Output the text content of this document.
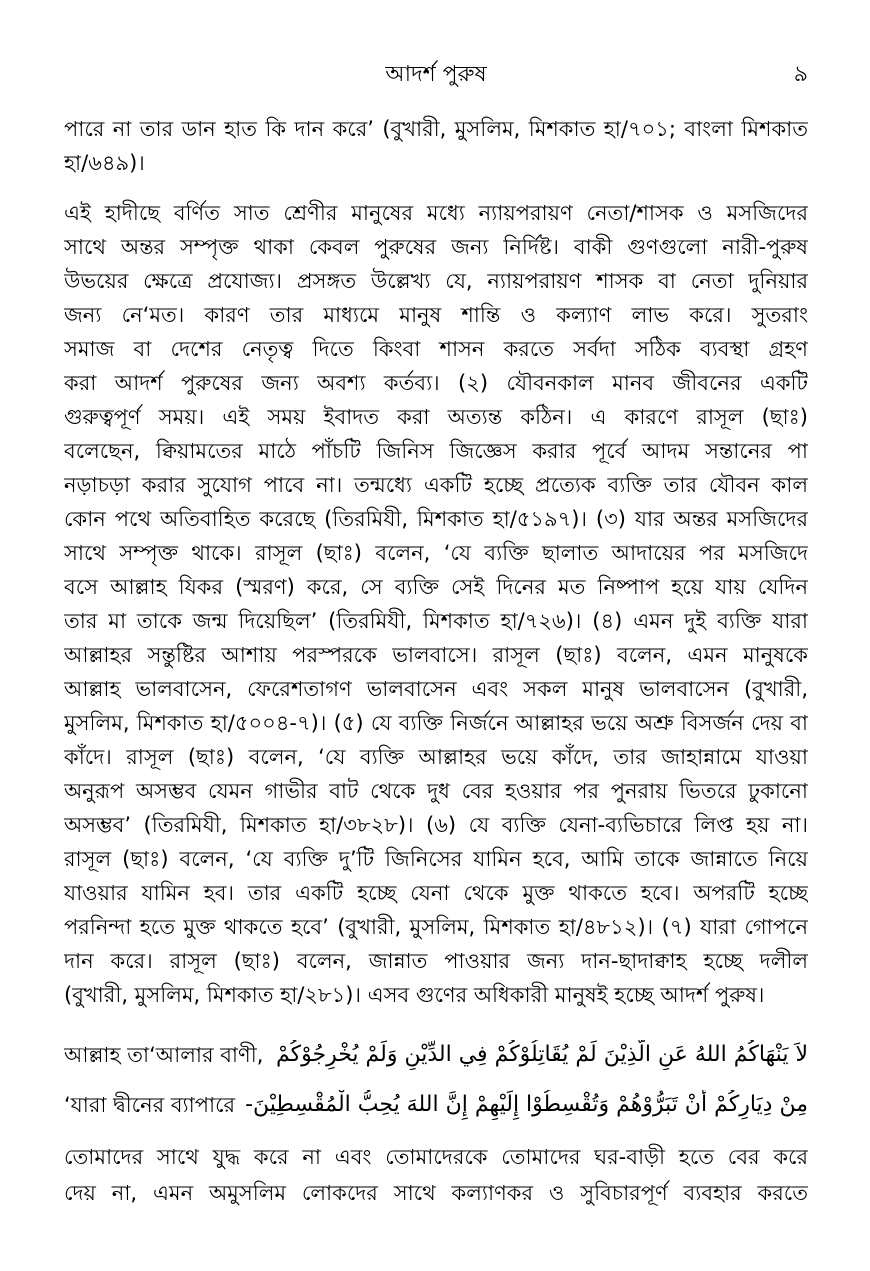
আদর্শ পুরুষ	৯
পারে না তার ডান হাত কি দান করে’ (বুখারী, মুসলিম, মিশকাত হা/৭০১; বাংলা মিশকাত
হা/৬৪৯)।
এই হাদীছে বর্ণিত সাত শ্রেণীর মানুষের মধ্যে ন্যায়পরায়ণ নেতা/শাসক ও মসজিদের
সাথে অন্তর সম্পৃক্ত থাকা কেবল পুরুষের জন্য নির্দিষ্ট। বাকী গুণগুলো নারী-পুরুষ
উভয়ের ক্ষেত্রে প্রযোজ্য। প্রসঙ্গত উল্লেখ্য যে, ন্যায়পরায়ণ শাসক বা নেতা দুনিয়ার
জন্য নে‘মত। কারণ তার মাধ্যমে মানুষ শান্তি ও কল্যাণ লাভ করে। সুতরাং
সমাজ বা দেশের নেতৃত্ব দিতে কিংবা শাসন করতে সর্বদা সঠিক ব্যবস্থা গ্রহণ
করা আদর্শ পুরুষের জন্য অবশ্য কর্তব্য। (২) যৌবনকাল মানব জীবনের একটি
গুরুত্বপূর্ণ সময়। এই সময় ইবাদত করা অত্যন্ত কঠিন। এ কারণে রাসূল (ছাঃ)
বলেছেন, ক্বিয়ামতের মাঠে পাঁচটি জিনিস জিজ্ঞেস করার পূর্বে আদম সন্তানের পা
নড়াচড়া করার সুযোগ পাবে না। তন্মধ্যে একটি হচ্ছে প্রত্যেক ব্যক্তি তার যৌবন কাল
কোন পথে অতিবাহিত করেছে (তিরমিযী, মিশকাত হা/৫১৯৭)। (৩) যার অন্তর মসজিদের
সাথে সম্পৃক্ত থাকে। রাসূল (ছাঃ) বলেন, ‘যে ব্যক্তি ছালাত আদায়ের পর মসজিদে
বসে আল্লাহ যিকর (স্মরণ) করে, সে ব্যক্তি সেই দিনের মত নিষ্পাপ হয়ে যায় যেদিন
তার মা তাকে জন্ম দিয়েছিল’ (তিরমিযী, মিশকাত হা/৭২৬)। (৪) এমন দুই ব্যক্তি যারা
আল্লাহর সন্তুষ্টির আশায় পরস্পরকে ভালবাসে। রাসূল (ছাঃ) বলেন, এমন মানুষকে
আল্লাহ ভালবাসেন, ফেরেশতাগণ ভালবাসেন এবং সকল মানুষ ভালবাসেন (বুখারী,
মুসলিম, মিশকাত হা/৫০০৪-৭)। (৫) যে ব্যক্তি নির্জনে আল্লাহর ভয়ে অশ্রু বিসর্জন দেয় বা
কাঁদে। রাসূল (ছাঃ) বলেন, ‘যে ব্যক্তি আল্লাহর ভয়ে কাঁদে, তার জাহান্নামে যাওয়া
অনুরূপ অসম্ভব যেমন গাভীর বাট থেকে দুধ বের হওয়ার পর পুনরায় ভিতরে ঢুকানো
অসম্ভব’ (তিরমিযী, মিশকাত হা/৩৮২৮)। (৬) যে ব্যক্তি যেনা-ব্যভিচারে লিপ্ত হয় না।
রাসূল (ছাঃ) বলেন, ‘যে ব্যক্তি দু’টি জিনিসের যামিন হবে, আমি তাকে জান্নাতে নিয়ে
যাওয়ার যামিন হব। তার একটি হচ্ছে যেনা থেকে মুক্ত থাকতে হবে। অপরটি হচ্ছে
পরনিন্দা হতে মুক্ত থাকতে হবে’ (বুখারী, মুসলিম, মিশকাত হা/৪৮১২)। (৭) যারা গোপনে
দান করে। রাসূল (ছাঃ) বলেন, জান্নাত পাওয়ার জন্য দান-ছাদাক্বাহ হচ্ছে দলীল
(বুখারী, মুসলিম, মিশকাত হা/২৮১)। এসব গুণের অধিকারী মানুষই হচ্ছে আদর্শ পুরুষ।
আল্লাহ তা‘আলার বাণী, لاَ يَنْهَاكُمُ اللهُ عَنِ الَّذِيْنَ لَمْ يُقَاتِلُوْكُمْ فِي الدِّيْنِ وَلَمْ يُخْرِجُوْكُمْ
‘যারা দ্বীনের ব্যাপারে مِنْ دِيَارِكُمْ أَنْ تَبَرُّوْهُمْ وَتُقْسِطُوْا إِلَيْهِمْ إِنَّ اللهَ يُحِبُّ الْمُقْسِطِيْنَ-
তোমাদের সাথে যুদ্ধ করে না এবং তোমাদেরকে তোমাদের ঘর-বাড়ী হতে বের করে
দেয় না, এমন অমুসলিম লোকদের সাথে কল্যাণকর ও সুবিচারপূর্ণ ব্যবহার করতে
